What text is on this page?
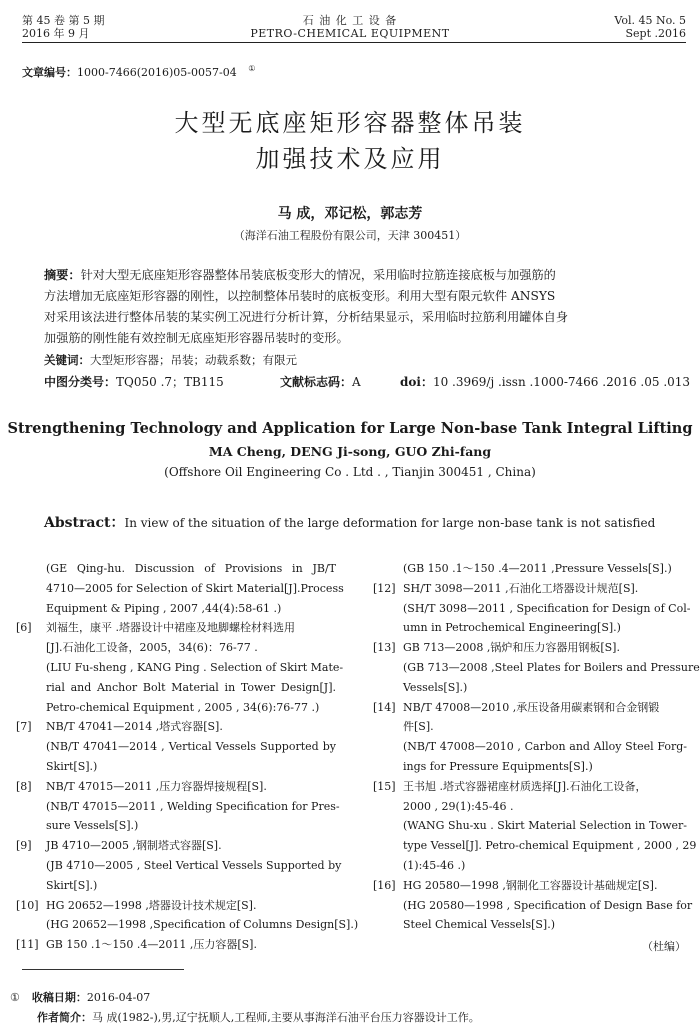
第 45 卷 第 5 期
2016 年 9 月
石 油 化 工 设 备
PETRO-CHEMICAL EQUIPMENT
Vol. 45 No. 5
Sept .2016
文章编号：1000-7466(2016)05-0057-04 ①
大型无底座矩形容器整体吊装
加强技术及应用
马 成，邓记松，郭志芳
（海洋石油工程股份有限公司，天津 300451）
摘要：针对大型无底座矩形容器整体吊装底板变形大的情况，采用临时拉筋连接底板与加强筋的
方法增加无底座矩形容器的刚性，以控制整体吊装时的底板变形。利用大型有限元软件 ANSYS
对采用该法进行整体吊装的某实例工况进行分析计算，分析结果显示，采用临时拉筋利用罐体自身
加强筋的刚性能有效控制无底座矩形容器吊装时的变形。
关键词：大型矩形容器；吊装；动载系数；有限元
中图分类号：TQ050 .7；TB115	文献标志码：A	doi：10 .3969/j .issn .1000-7466 .2016 .05 .013
Strengthening Technology and Application for Large Non-base Tank Integral Lifting
MA Cheng, DENG Ji-song, GUO Zhi-fang
(Offshore Oil Engineering Co . Ltd . , Tianjin 300451 , China)
Abstract：In view of the situation of the large deformation for large non-base tank is not satisfied
(GE Qing-hu. Discussion of Provisions in JB/T
4710—2005 for Selection of Skirt Material[J].Process
Equipment & Piping , 2007 ,44(4):58-61 .)
[6] 刘福生，康平 .塔器设计中裙座及地脚螺栓材料选用
[J].石油化工设备，2005，34(6)：76-77 .
(LIU Fu-sheng , KANG Ping . Selection of Skirt Mate-
rial and Anchor Bolt Material in Tower Design[J].
Petro-chemical Equipment , 2005 , 34(6):76-77 .)
[7] NB/T 47041—2014 ,塔式容器[S].
(NB/T 47041—2014 , Vertical Vessels Supported by
Skirt[S].)
[8] NB/T 47015—2011 ,压力容器焊接规程[S].
(NB/T 47015—2011 , Welding Specification for Pres-
sure Vessels[S].)
[9] JB 4710—2005 ,钢制塔式容器[S].
(JB 4710—2005 , Steel Vertical Vessels Supported by
Skirt[S].)
[10] HG 20652—1998 ,塔器设计技术规定[S].
(HG 20652—1998 ,Specification of Columns Design[S].)
[11] GB 150 .1～150 .4—2011 ,压力容器[S].
(GB 150 .1～150 .4—2011 ,Pressure Vessels[S].)
[12] SH/T 3098—2011 ,石油化工塔器设计规范[S].
(SH/T 3098—2011 , Specification for Design of Col-
umn in Petrochemical Engineering[S].)
[13] GB 713—2008 ,锅炉和压力容器用钢板[S].
(GB 713—2008 ,Steel Plates for Boilers and Pressure
Vessels[S].)
[14] NB/T 47008—2010 ,承压设备用碳素钢和合金钢锻
件[S].
(NB/T 47008—2010 , Carbon and Alloy Steel Forg-
ings for Pressure Equipments[S].)
[15] 王书旭 .塔式容器裙座材质选择[J].石油化工设备，
2000 , 29(1):45-46 .
(WANG Shu-xu . Skirt Material Selection in Tower-
type Vessel[J]. Petro-chemical Equipment , 2000 , 29
(1):45-46 .)
[16] HG 20580—1998 ,钢制化工容器设计基础规定[S].
(HG 20580—1998 , Specification of Design Base for
Steel Chemical Vessels[S].)
（杜编）
① 收稿日期：2016-04-07
作者简介：马 成(1982-),男,辽宁抚顺人,工程师,主要从事海洋石油平台压力容器设计工作。
